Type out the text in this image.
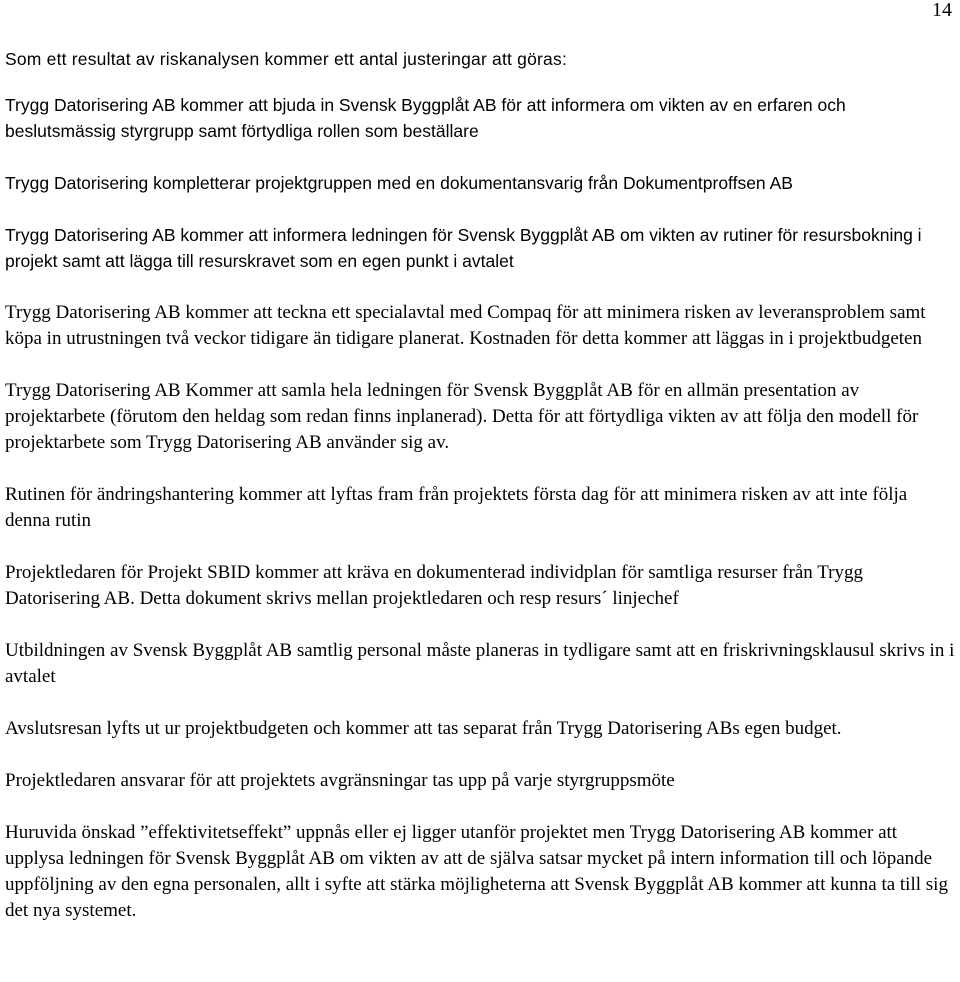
14

Som ett resultat av riskanalysen kommer ett antal justeringar att göras:

Trygg Datorisering AB kommer att bjuda in Svensk Byggplåt AB för att informera om vikten av en erfaren och beslutsmässig styrgrupp samt förtydliga rollen som beställare

Trygg Datorisering kompletterar projektgruppen med en dokumentansvarig från Dokumentproffsen AB

Trygg Datorisering AB kommer att informera ledningen för Svensk Byggplåt AB om vikten av rutiner för resursbokning i projekt samt att lägga till resurskravet som en egen punkt i avtalet

Trygg Datorisering AB kommer att teckna ett specialavtal med Compaq för att minimera risken av leveransproblem samt köpa in utrustningen två veckor tidigare än tidigare planerat. Kostnaden för detta kommer att läggas in i projektbudgeten

Trygg Datorisering AB Kommer att samla hela ledningen för Svensk Byggplåt AB för en allmän presentation av projektarbete (förutom den heldag som redan finns inplanerad). Detta för att förtydliga vikten av att följa den modell för projektarbete som Trygg Datorisering AB använder sig av.

Rutinen för ändringshantering kommer att lyftas fram från projektets första dag för att minimera risken av att inte följa denna rutin

Projektledaren för Projekt SBID kommer att kräva en dokumenterad individplan för samtliga resurser från Trygg Datorisering AB. Detta dokument skrivs mellan projektledaren och resp resurs´ linjechef

Utbildningen av Svensk Byggplåt AB samtlig personal måste planeras in tydligare samt att en friskrivningsklausul skrivs in i avtalet

Avslutsresan lyfts ut ur projektbudgeten och kommer att tas separat från Trygg Datorisering ABs egen budget.

Projektledaren ansvarar för att projektets avgränsningar tas upp på varje styrgruppsmöte

Huruvida önskad ”effektivitetseffekt” uppnås eller ej ligger utanför projektet men Trygg Datorisering AB kommer att upplysa ledningen för Svensk Byggplåt AB om vikten av att de själva satsar mycket på intern information till och löpande uppföljning av den egna personalen, allt i syfte att stärka möjligheterna att Svensk Byggplåt AB kommer att kunna ta till sig det nya systemet.
